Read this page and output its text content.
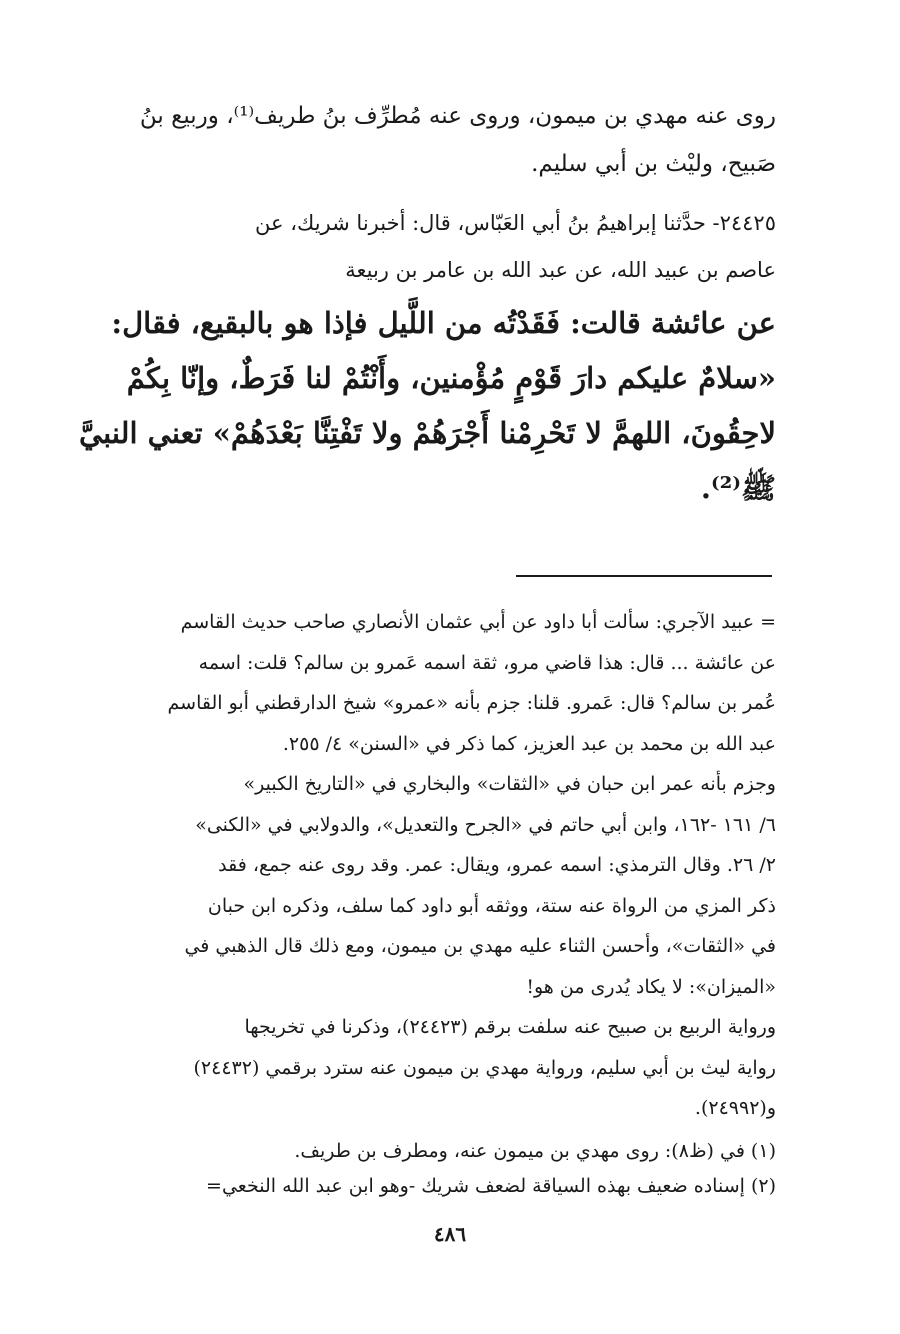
روى عنه مهدي بن ميمون، وروى عنه مُطرِّف بنُ طريف⁽¹⁾، وربيع بنُ
صَبيح، وليْث بن أبي سليم.
٢٤٤٢٥- حدَّثنا إبراهيمُ بنُ أبي العَبّاس، قال: أخبرنا شريك، عن
عاصم بن عبيد الله، عن عبد الله بن عامر بن ربيعة
عن عائشة قالت: فَقَدْتُه من اللَّيل فإذا هو بالبقيع، فقال:
«سلامٌ عليكم دارَ قَوْمٍ مُؤْمنين، وأَنْتُمْ لنا فَرَطٌ، وإنّا بِكُمْ
لاحِقُونَ، اللهمَّ لا تَحْرِمْنا أَجْرَهُمْ ولا تَفْتِنَّا بَعْدَهُمْ» تعني النبيَّ
ﷺ⁽²⁾.
= عبيد الآجري: سألت أبا داود عن أبي عثمان الأنصاري صاحب حديث القاسم
عن عائشة ... قال: هذا قاضي مرو، ثقة اسمه عَمرو بن سالم؟ قلت: اسمه
عُمر بن سالم؟ قال: عَمرو. قلنا: جزم بأنه «عمرو» شيخ الدارقطني أبو القاسم
عبد الله بن محمد بن عبد العزيز، كما ذكر في «السنن» ٤/ ٢٥٥.
وجزم بأنه عمر ابن حبان في «الثقات» والبخاري في «التاريخ الكبير»
٦/ ١٦١ -١٦٢، وابن أبي حاتم في «الجرح والتعديل»، والدولابي في «الكنى»
٢/ ٢٦. وقال الترمذي: اسمه عمرو، ويقال: عمر. وقد روى عنه جمع، فقد
ذكر المزي من الرواة عنه ستة، ووثقه أبو داود كما سلف، وذكره ابن حبان
في «الثقات»، وأحسن الثناء عليه مهدي بن ميمون، ومع ذلك قال الذهبي في
«الميزان»: لا يكاد يُدرى من هو!
ورواية الربيع بن صبيح عنه سلفت برقم (٢٤٤٢٣)، وذكرنا في تخريجها
رواية ليث بن أبي سليم، ورواية مهدي بن ميمون عنه سترد برقمي (٢٤٤٣٢)
و(٢٤٩٩٢).
(١) في (ظ٨): روى مهدي بن ميمون عنه، ومطرف بن طريف.
(٢) إسناده ضعيف بهذه السياقة لضعف شريك -وهو ابن عبد الله النخعي=
٤٨٦
